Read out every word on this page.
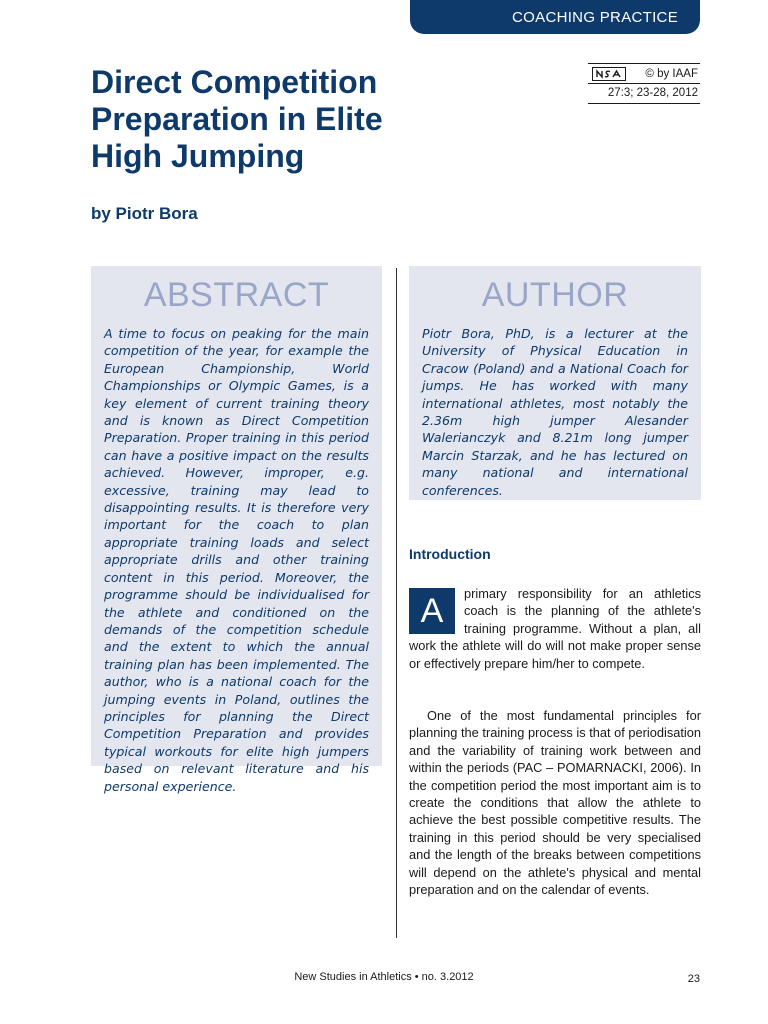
COACHING PRACTICE
Direct Competition
Preparation in Elite
High Jumping
by Piotr Bora
© by IAAF
27:3; 23-28, 2012
ABSTRACT

A time to focus on peaking for the main competition of the year, for example the European Championship, World Championships or Olympic Games, is a key element of current training theory and is known as Direct Competition Preparation. Proper training in this period can have a positive impact on the results achieved. However, improper, e.g. excessive, training may lead to disappointing results. It is therefore very important for the coach to plan appropriate training loads and select appropriate drills and other training content in this period. Moreover, the programme should be individualised for the athlete and conditioned on the demands of the competition schedule and the extent to which the annual training plan has been implemented. The author, who is a national coach for the jumping events in Poland, outlines the principles for planning the Direct Competition Preparation and provides typical workouts for elite high jumpers based on relevant literature and his personal experience.

AUTHOR

Piotr Bora, PhD, is a lecturer at the University of Physical Education in Cracow (Poland) and a National Coach for jumps. He has worked with many international athletes, most notably the 2.36m high jumper Alesander Walerianczyk and 8.21m long jumper Marcin Starzak, and he has lectured on many national and international conferences.

Introduction

A	primary responsibility for an athletics coach is the planning of the athlete's training programme. Without a plan, all work the athlete will do will not make proper sense or effectively prepare him/her to compete.

One of the most fundamental principles for planning the training process is that of periodisation and the variability of training work between and within the periods (PAC – POMARNACKI, 2006). In the competition period the most important aim is to create the conditions that allow the athlete to achieve the best possible competitive results. The training in this period should be very specialised and the length of the breaks between competitions will depend on the athlete's physical and mental preparation and on the calendar of events.

New Studies in Athletics • no. 3.2012	23
